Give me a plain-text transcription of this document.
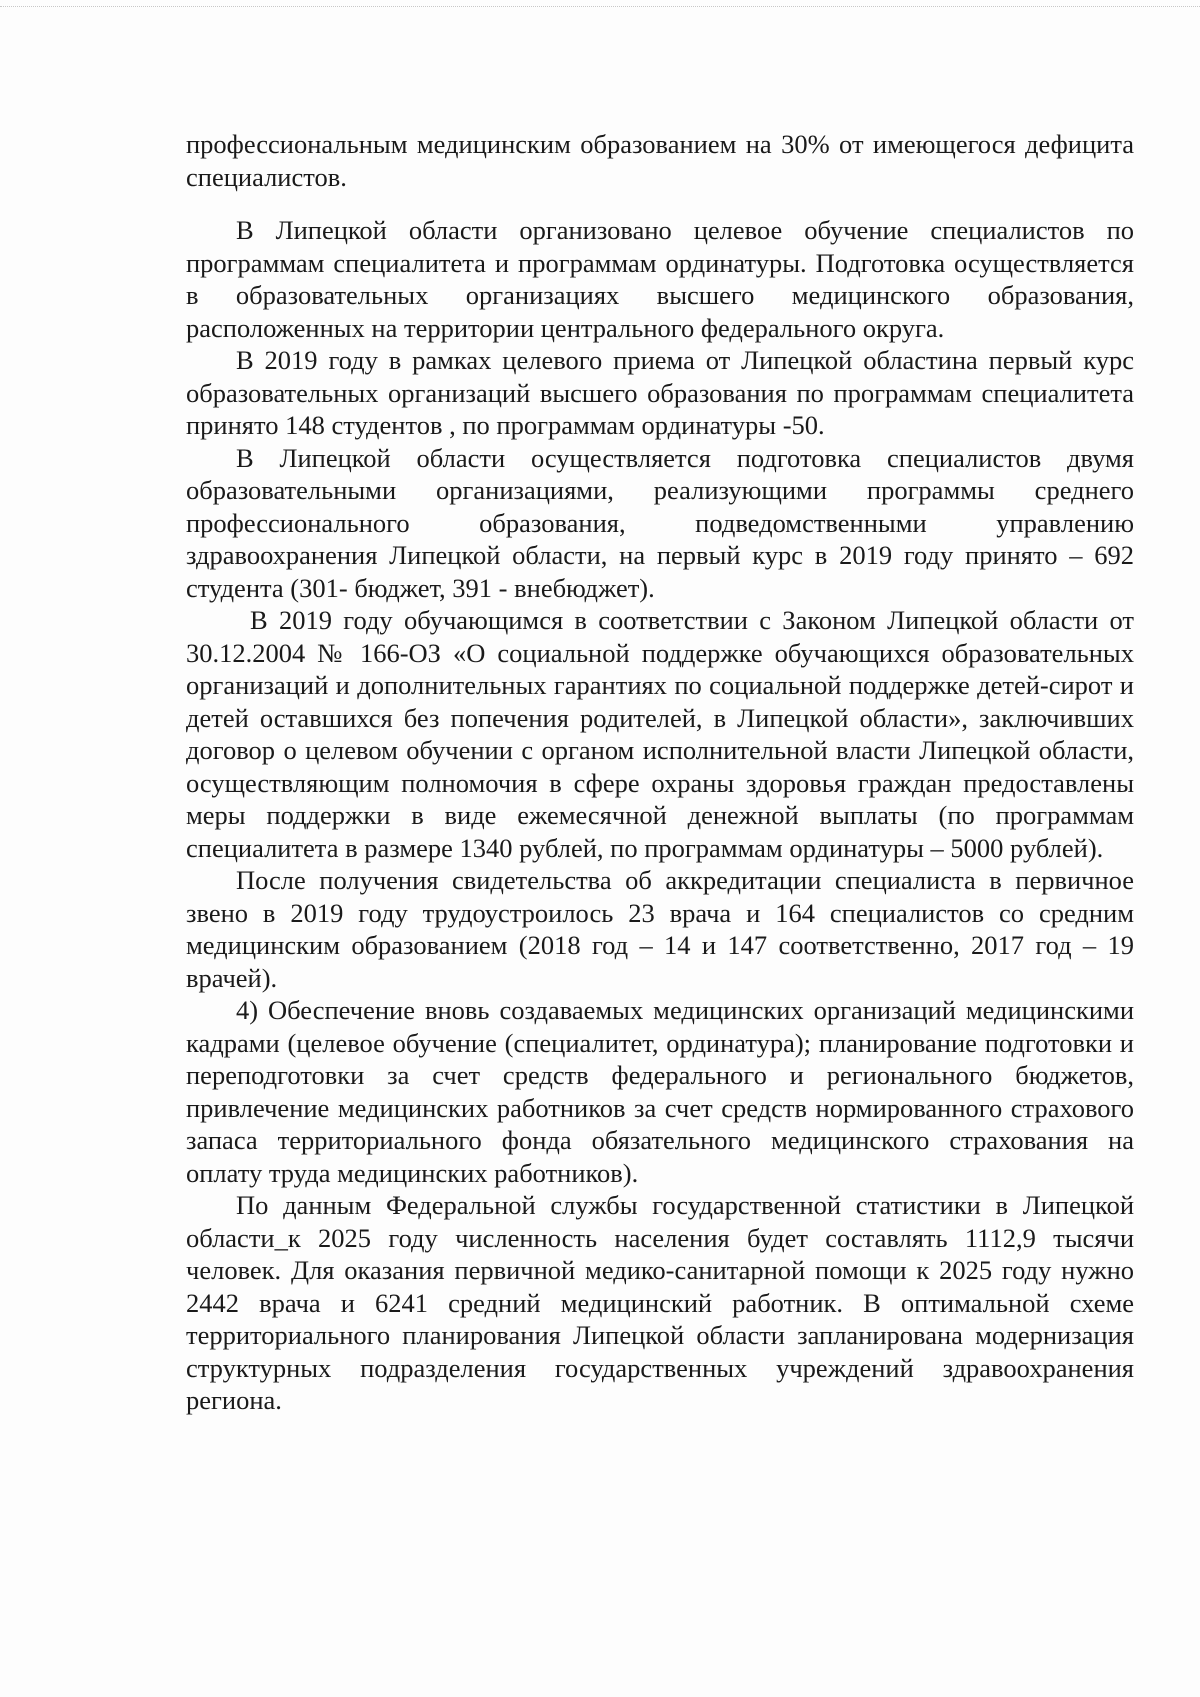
профессиональным медицинским образованием на 30% от имеющегося дефицита специалистов.

В Липецкой области организовано целевое обучение специалистов по программам специалитета и программам ординатуры. Подготовка осуществляется в образовательных организациях высшего медицинского образования, расположенных на территории центрального федерального округа.

В 2019 году в рамках целевого приема от Липецкой областина первый курс образовательных организаций высшего образования по программам специалитета принято 148 студентов , по программам ординатуры -50.

В Липецкой области осуществляется подготовка специалистов двумя образовательными организациями, реализующими программы среднего профессионального образования, подведомственными управлению здравоохранения Липецкой области, на первый курс в 2019 году принято – 692 студента (301- бюджет, 391 - внебюджет).

В 2019 году обучающимся в соответствии с Законом Липецкой области от 30.12.2004 № 166-ОЗ «О социальной поддержке обучающихся образовательных организаций и дополнительных гарантиях по социальной поддержке детей-сирот и детей оставшихся без попечения родителей, в Липецкой области», заключивших договор о целевом обучении с органом исполнительной власти Липецкой области, осуществляющим полномочия в сфере охраны здоровья граждан предоставлены меры поддержки в виде ежемесячной денежной выплаты (по программам специалитета в размере 1340 рублей, по программам ординатуры – 5000 рублей).

После получения свидетельства об аккредитации специалиста в первичное звено в 2019 году трудоустроилось 23 врача и 164 специалистов со средним медицинским образованием (2018 год – 14 и 147 соответственно, 2017 год – 19 врачей).

4) Обеспечение вновь создаваемых медицинских организаций медицинскими кадрами (целевое обучение (специалитет, ординатура); планирование подготовки и переподготовки за счет средств федерального и регионального бюджетов, привлечение медицинских работников за счет средств нормированного страхового запаса территориального фонда обязательного медицинского страхования на оплату труда медицинских работников).

По данным Федеральной службы государственной статистики в Липецкой области_к 2025 году численность населения будет составлять 1112,9 тысячи человек. Для оказания первичной медико-санитарной помощи к 2025 году нужно 2442 врача и 6241 средний медицинский работник. В оптимальной схеме территориального планирования Липецкой области запланирована модернизация структурных подразделения государственных учреждений здравоохранения региона.
